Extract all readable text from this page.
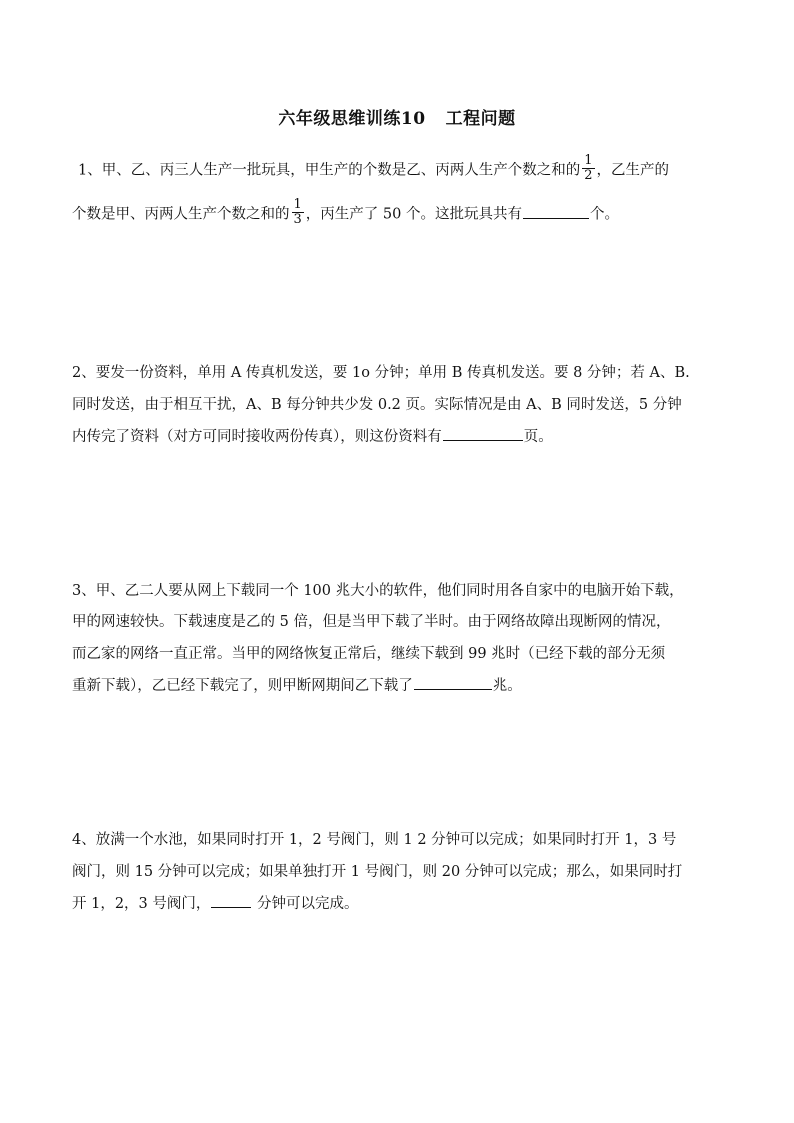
六年级思维训练10 工程问题
1、甲、乙、丙三人生产一批玩具，甲生产的个数是乙、丙两人生产个数之和的 $\frac{1}{2}$ ，乙生产的
个数是甲、丙两人生产个数之和的 $\frac{1}{3}$ ，丙生产了 50 个。这批玩具共有	个。
2、要发一份资料，单用 A 传真机发送，要 1o 分钟；单用 B 传真机发送。要 8 分钟；若 A、B.
同时发送，由于相互干扰，A、B 每分钟共少发 0.2 页。实际情况是由 A、B 同时发送，5 分钟
内传完了资料（对方可同时接收两份传真），则这份资料有	页。
3、甲、乙二人要从网上下载同一个 100 兆大小的软件，他们同时用各自家中的电脑开始下载，
甲的网速较快。下载速度是乙的 5 倍，但是当甲下载了半时。由于网络故障出现断网的情况，
而乙家的网络一直正常。当甲的网络恢复正常后，继续下载到 99 兆时（已经下载的部分无须
重新下载），乙已经下载完了，则甲断网期间乙下载了	兆。
4、放满一个水池，如果同时打开 1，2 号阀门，则 1 2 分钟可以完成；如果同时打开 1，3 号
阀门，则 15 分钟可以完成；如果单独打开 1 号阀门，则 20 分钟可以完成；那么，如果同时打
开 1，2，3 号阀门，	分钟可以完成。
